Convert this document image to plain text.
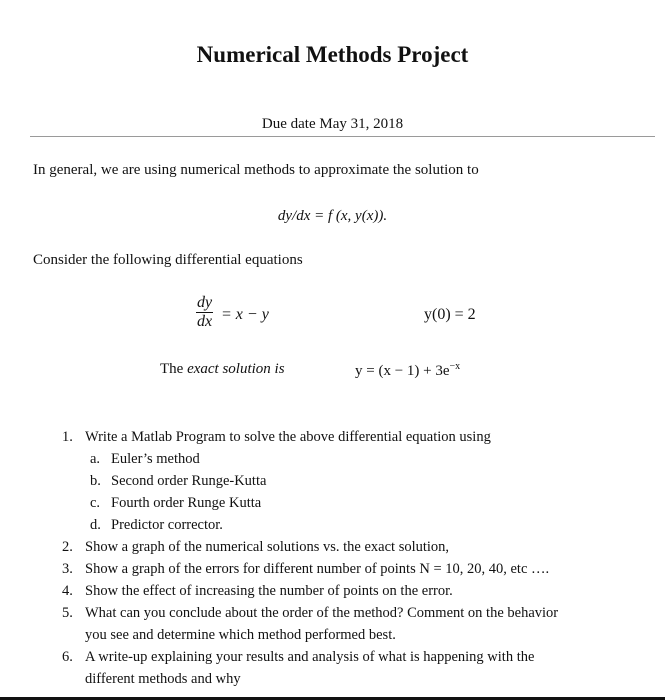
Numerical Methods Project
Due date May 31, 2018
In general, we are using numerical methods to approximate the solution to
dy/dx = f (x, y(x)).
Consider the following differential equations
$\frac{dy}{dx} = x - y$	y(0) = 2
The exact solution is	$y = (x - 1) + 3e^{-x}$
1. Write a Matlab Program to solve the above differential equation using
a. Euler’s method
b. Second order Runge-Kutta
c. Fourth order Runge Kutta
d. Predictor corrector.
2. Show a graph of the numerical solutions vs. the exact solution,
3. Show a graph of the errors for different number of points N = 10, 20, 40, etc ….
4. Show the effect of increasing the number of points on the error.
5. What can you conclude about the order of the method? Comment on the behavior
you see and determine which method performed best.
6. A write-up explaining your results and analysis of what is happening with the
different methods and why
